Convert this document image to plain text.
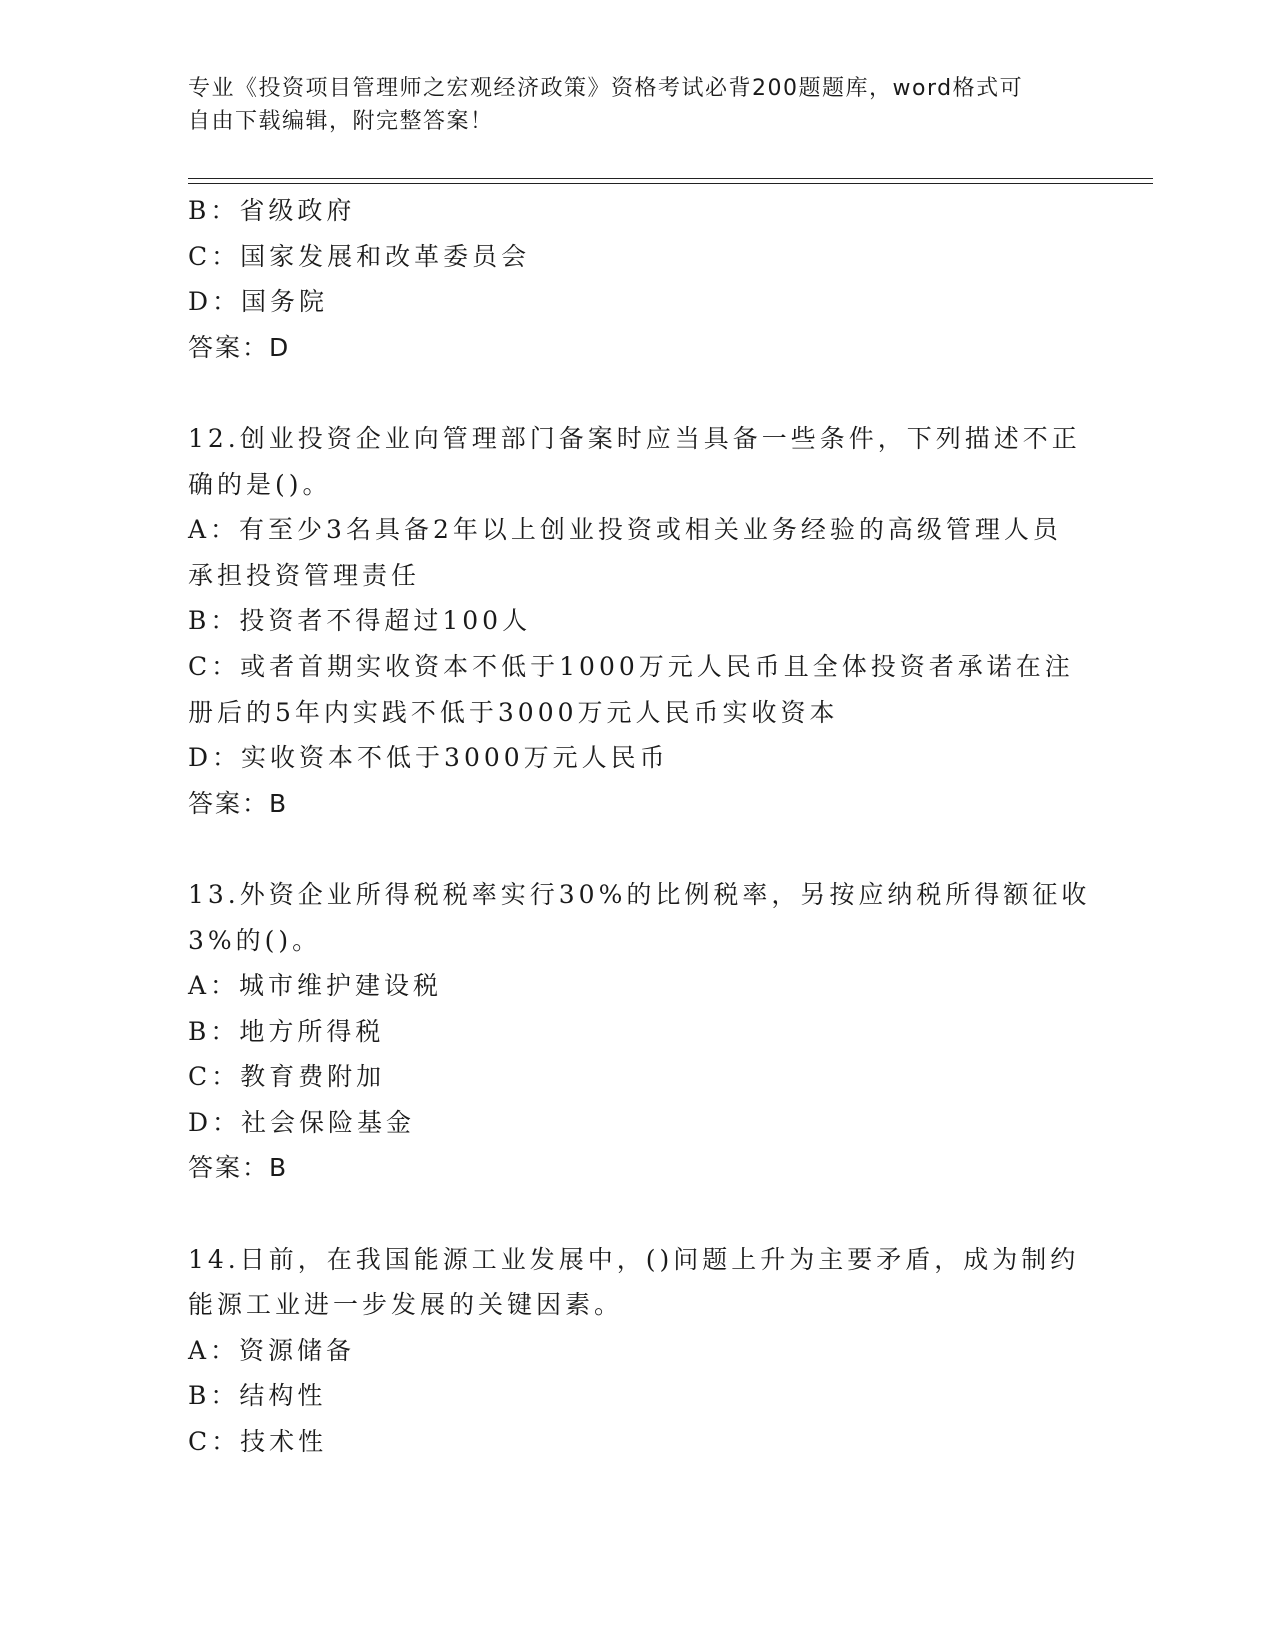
专业《投资项目管理师之宏观经济政策》资格考试必背200题题库，word格式可
自由下载编辑，附完整答案！
B：省级政府
C：国家发展和改革委员会
D：国务院
答案：D
12.创业投资企业向管理部门备案时应当具备一些条件，下列描述不正
确的是()。
A：有至少3名具备2年以上创业投资或相关业务经验的高级管理人员
承担投资管理责任
B：投资者不得超过100人
C：或者首期实收资本不低于1000万元人民币且全体投资者承诺在注
册后的5年内实践不低于3000万元人民币实收资本
D：实收资本不低于3000万元人民币
答案：B
13.外资企业所得税税率实行30%的比例税率，另按应纳税所得额征收
3%的()。
A：城市维护建设税
B：地方所得税
C：教育费附加
D：社会保险基金
答案：B
14.日前，在我国能源工业发展中，()问题上升为主要矛盾，成为制约
能源工业进一步发展的关键因素。
A：资源储备
B：结构性
C：技术性
